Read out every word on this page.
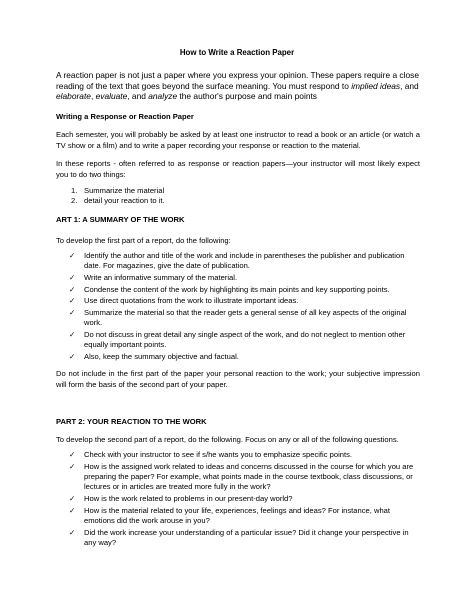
How to Write a Reaction Paper

A reaction paper is not just a paper where you express your opinion. These papers require a close reading of the text that goes beyond the surface meaning. You must respond to implied ideas, and elaborate, evaluate, and analyze the author's purpose and main points

Writing a Response or Reaction Paper

Each semester, you will probably be asked by at least one instructor to read a book or an article (or watch a TV show or a film) and to write a paper recording your response or reaction to the material.

In these reports - often referred to as response or reaction papers—your instructor will most likely expect you to do two things:

1. Summarize the material
2. detail your reaction to it.

ART 1: A SUMMARY OF THE WORK

To develop the first part of a report, do the following:

✓ Identify the author and title of the work and include in parentheses the publisher and publication date. For magazines, give the date of publication.
✓ Write an informative summary of the material.
✓ Condense the content of the work by highlighting its main points and key supporting points.
✓ Use direct quotations from the work to illustrate important ideas.
✓ Summarize the material so that the reader gets a general sense of all key aspects of the original work.
✓ Do not discuss in great detail any single aspect of the work, and do not neglect to mention other equally important points.
✓ Also, keep the summary objective and factual.

Do not include in the first part of the paper your personal reaction to the work; your subjective impression will form the basis of the second part of your paper.

PART 2: YOUR REACTION TO THE WORK

To develop the second part of a report, do the following. Focus on any or all of the following questions.

✓ Check with your instructor to see if s/he wants you to emphasize specific points.
✓ How is the assigned work related to ideas and concerns discussed in the course for which you are preparing the paper? For example, what points made in the course textbook, class discussions, or lectures or in articles are treated more fully in the work?
✓ How is the work related to problems in our present-day world?
✓ How is the material related to your life, experiences, feelings and ideas? For instance, what emotions did the work arouse in you?
✓ Did the work increase your understanding of a particular issue? Did it change your perspective in any way?
